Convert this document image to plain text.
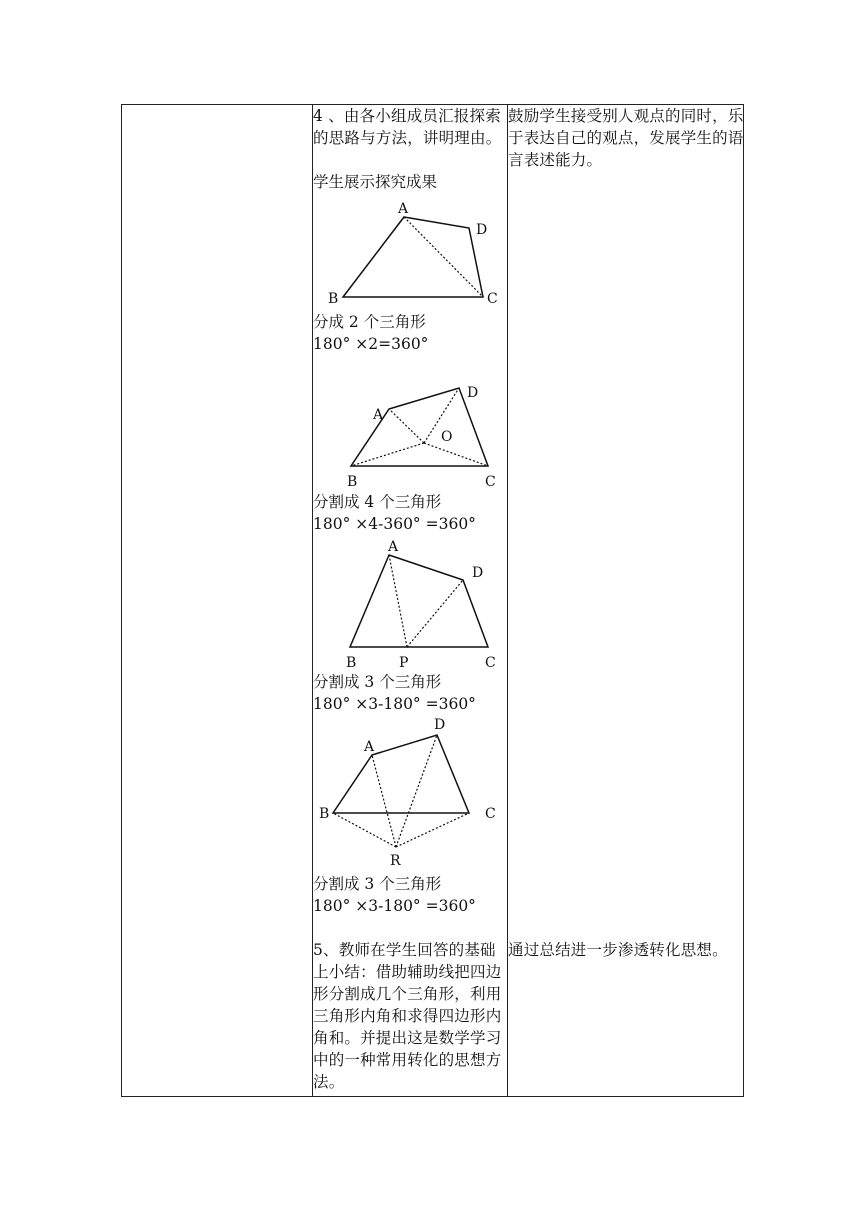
4 、由各小组成员汇报探索的思路与方法，讲明理由。

学生展示探究成果

A
D
B	C

分成 2 个三角形

180° ×2=360°

A
D
O
B	C

分割成 4 个三角形

180° ×4-360° =360°

A
D
B	P	C

分割成 3 个三角形

180° ×3-180° =360°

A
D
B	C
R

分割成 3 个三角形

180° ×3-180° =360°

5、教师在学生回答的基础上小结：借助辅助线把四边形分割成几个三角形，利用三角形内角和求得四边形内角和。并提出这是数学学习中的一种常用转化的思想方法。

鼓励学生接受别人观点的同时，乐于表达自己的观点，发展学生的语言表述能力。

通过总结进一步渗透转化思想。
